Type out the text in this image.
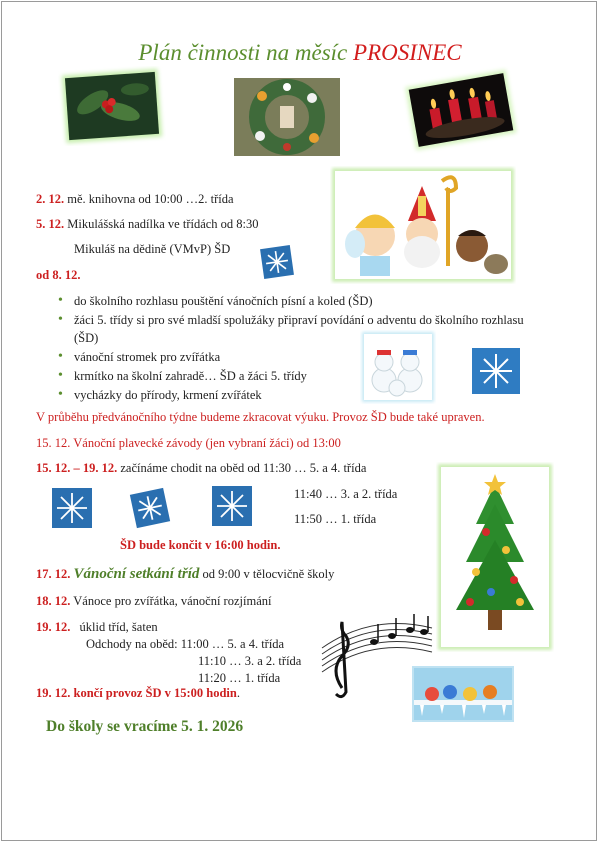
Plán činnosti na měsíc PROSINEC
2. 12. mě. knihovna od 10:00 …2. třída
5. 12. Mikulášská nadílka ve třídách od 8:30
Mikuláš na dědině (VMvP) ŠD
od 8. 12.
• do školního rozhlasu pouštění vánočních písní a koled (ŠD)
• žáci 5. třídy si pro své mladší spolužáky připraví povídání o adventu do školního rozhlasu (ŠD)
• vánoční stromek pro zvířátka
• krmítko na školní zahradě… ŠD a žáci 5. třídy
• vycházky do přírody, krmení zvířátek
V průběhu předvánočního týdne budeme zkracovat výuku. Provoz ŠD bude také upraven.
15. 12. Vánoční plavecké závody (jen vybraní žáci) od 13:00
15. 12. – 19. 12. začínáme chodit na oběd od 11:30 … 5. a 4. třída
11:40 … 3. a 2. třída
11:50 … 1. třída
ŠD bude končit v 16:00 hodin.
17. 12. Vánoční setkání tříd od 9:00 v tělocvičně školy
18. 12. Vánoce pro zvířátka, vánoční rozjímání
19. 12. úklid tříd, šaten
Odchody na oběd: 11:00 … 5. a 4. třída
11:10 … 3. a 2. třída
11:20 … 1. třída
19. 12. končí provoz ŠD v 15:00 hodin.
Do školy se vracíme 5. 1. 2026
